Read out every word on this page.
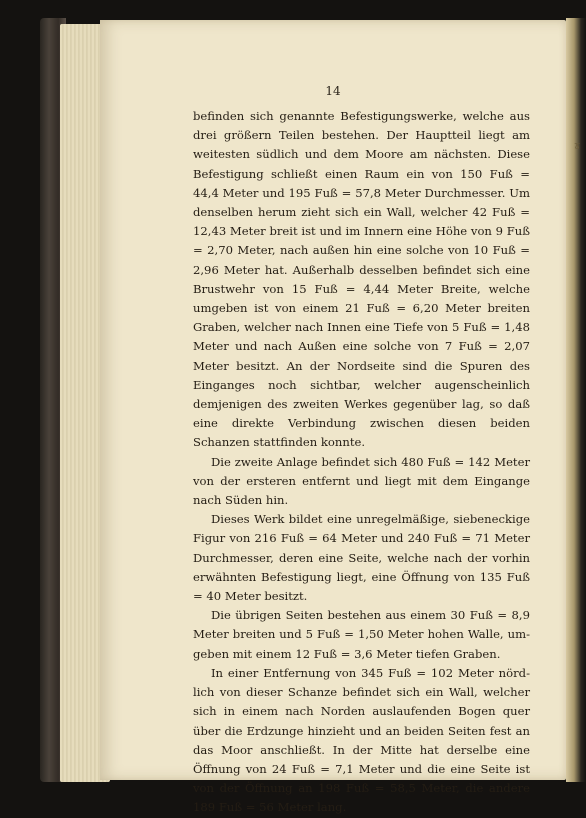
14

befinden sich genannte Befestigungswerke, welche aus drei größern Teilen bestehen. Der Hauptteil liegt am weitesten südlich und dem Moore am nächsten. Diese Befestigung schließt einen Raum ein von 150 Fuß = 44,4 Meter und 195 Fuß = 57,8 Meter Durchmesser. Um denselben herum zieht sich ein Wall, welcher 42 Fuß = 12,43 Meter breit ist und im Innern eine Höhe von 9 Fuß = 2,70 Meter, nach außen hin eine solche von 10 Fuß = 2,96 Meter hat. Außerhalb desselben befindet sich eine Brustwehr von 15 Fuß = 4,44 Meter Breite, welche umgeben ist von einem 21 Fuß = 6,20 Meter breiten Graben, welcher nach Innen eine Tiefe von 5 Fuß = 1,48 Meter und nach Außen eine solche von 7 Fuß = 2,07 Meter besitzt. An der Nordseite sind die Spuren des Einganges noch sichtbar, welcher augenscheinlich demjenigen des zweiten Werkes gegenüber lag, so daß eine direkte Verbindung zwischen diesen beiden Schanzen stattfinden konnte.

Die zweite Anlage befindet sich 480 Fuß = 142 Meter von der ersteren entfernt und liegt mit dem Eingange nach Süden hin.

Dieses Werk bildet eine unregelmäßige, siebeneckige Figur von 216 Fuß = 64 Meter und 240 Fuß = 71 Meter Durchmesser, deren eine Seite, welche nach der vorhin erwähnten Befestigung liegt, eine Öffnung von 135 Fuß = 40 Meter besitzt.

Die übrigen Seiten bestehen aus einem 30 Fuß = 8,9 Meter breiten und 5 Fuß = 1,50 Meter hohen Walle, umgeben mit einem 12 Fuß = 3,6 Meter tiefen Graben.

In einer Entfernung von 345 Fuß = 102 Meter nördlich von dieser Schanze befindet sich ein Wall, welcher sich in einem nach Norden auslaufenden Bogen quer über die Erdzunge hinzieht und an beiden Seiten fest an das Moor anschließt. In der Mitte hat derselbe eine Öffnung von 24 Fuß = 7,1 Meter und die eine Seite ist von der Öffnung an 198 Fuß = 58,5 Meter, die andere 189 Fuß = 56 Meter lang.

ɤ
